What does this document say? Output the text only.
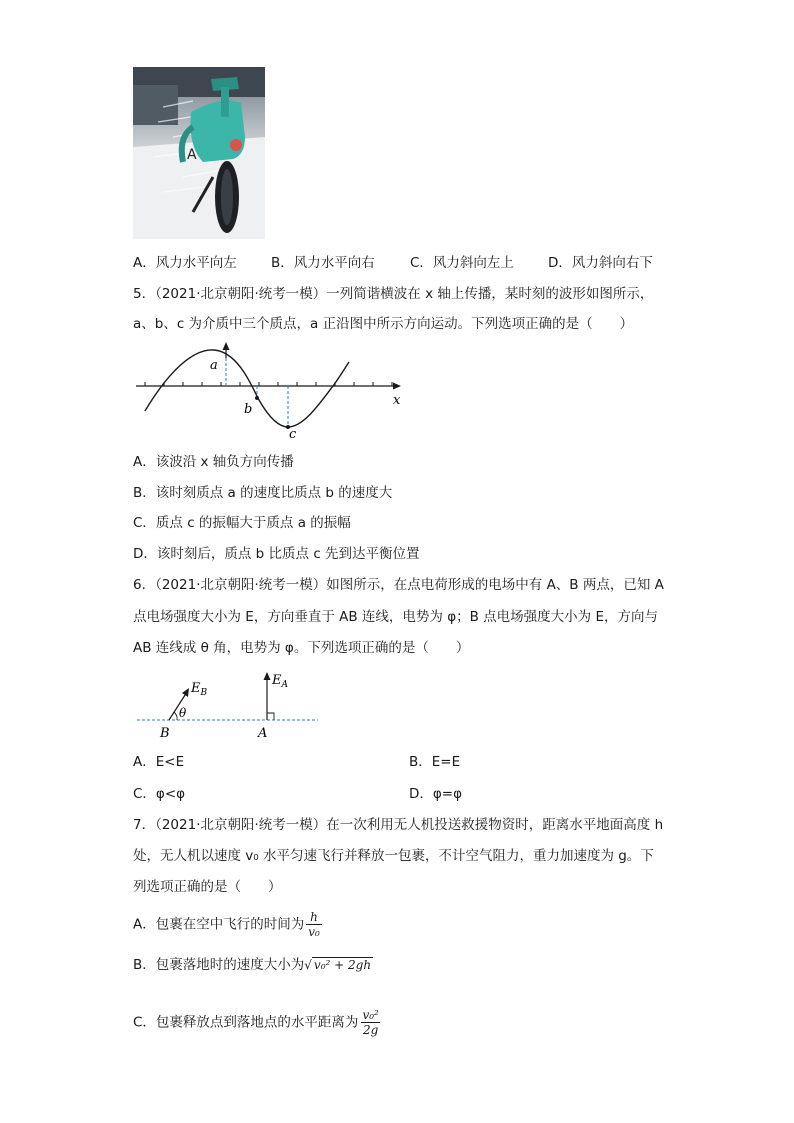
A
A．风力水平向左	B．风力水平向右	C．风力斜向左上	D．风力斜向右下
5．（2021·北京朝阳·统考一模）一列简谐横波在 x 轴上传播，某时刻的波形如图所示，
a、b、c 为介质中三个质点，a 正沿图中所示方向运动。下列选项正确的是（　　）
a
b
c
x
A．该波沿 x 轴负方向传播
B．该时刻质点 a 的速度比质点 b 的速度大
C．质点 c 的振幅大于质点 a 的振幅
D．该时刻后，质点 b 比质点 c 先到达平衡位置
6．（2021·北京朝阳·统考一模）如图所示，在点电荷形成的电场中有 A、B 两点，已知 A
点电场强度大小为 E，方向垂直于 AB 连线，电势为 φ；B 点电场强度大小为 E，方向与
AB 连线成 θ 角，电势为 φ。下列选项正确的是（　　）
$E_B$
θ
$E_A$
B	A
A．E<E	B．E=E
C．φ<φ	D．φ=φ
7．（2021·北京朝阳·统考一模）在一次利用无人机投送救援物资时，距离水平地面高度 h
处，无人机以速度 v₀ 水平匀速飞行并释放一包裹，不计空气阻力，重力加速度为 g。下
列选项正确的是（　　）
A．包裹在空中飞行的时间为 $\frac{h}{\text{v₀}}$
B．包裹落地时的速度大小为√ v₀² + 2gh
C．包裹释放点到落地点的水平距离为 $\frac{\text{v₀²}}{2g}$
